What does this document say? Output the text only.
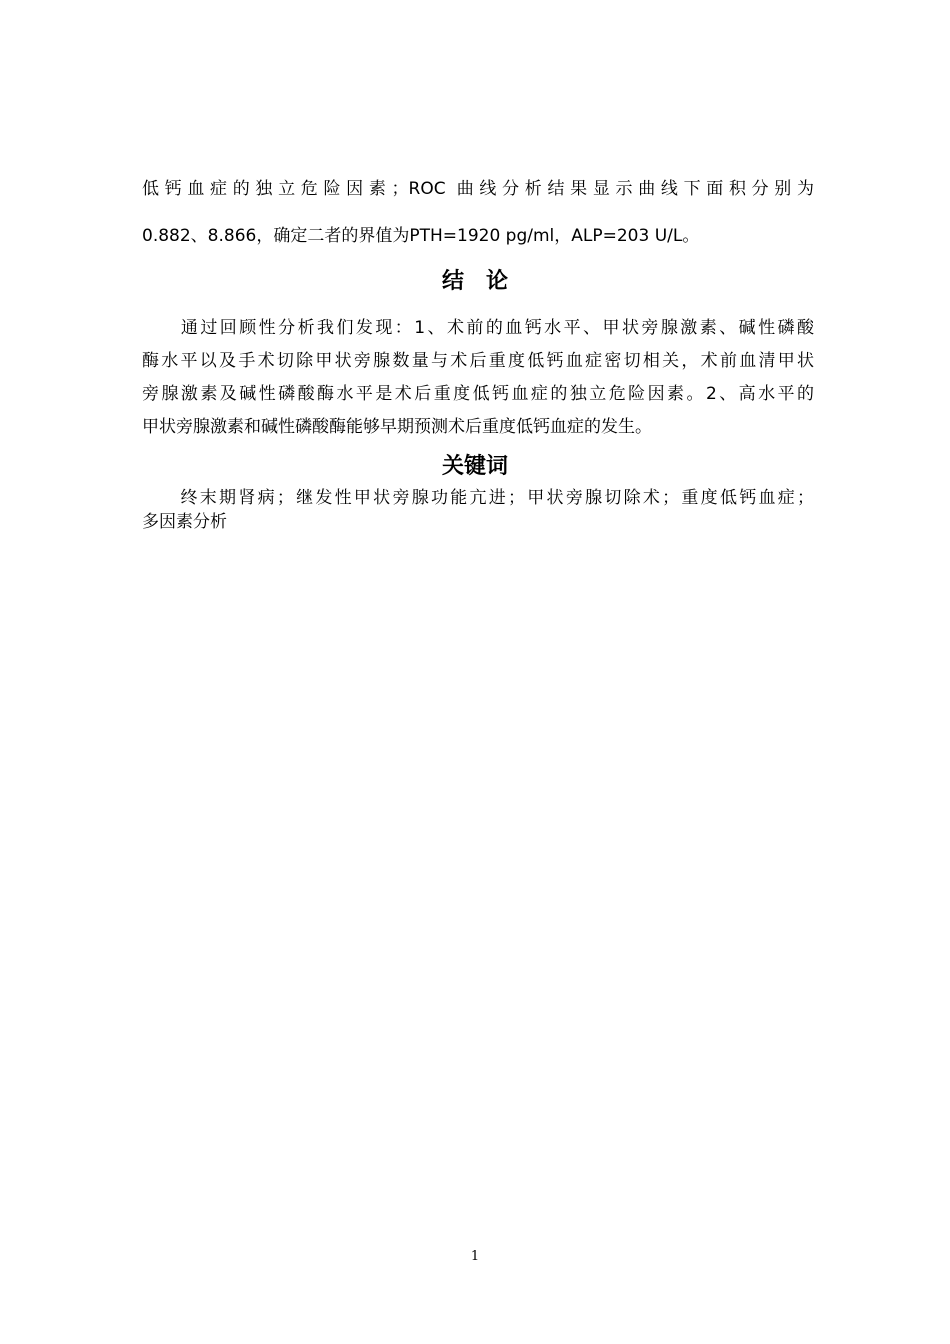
低钙血症的独立危险因素；ROC 曲线分析结果显示曲线下面积分别为
0.882、8.866，确定二者的界值为PTH=1920 pg/ml，ALP=203 U/L。
结　论
　　通过回顾性分析我们发现：1、术前的血钙水平、甲状旁腺激素、碱性磷酸
酶水平以及手术切除甲状旁腺数量与术后重度低钙血症密切相关，术前血清甲状
旁腺激素及碱性磷酸酶水平是术后重度低钙血症的独立危险因素。2、高水平的
甲状旁腺激素和碱性磷酸酶能够早期预测术后重度低钙血症的发生。
关键词
　　终末期肾病；继发性甲状旁腺功能亢进；甲状旁腺切除术；重度低钙血症；
多因素分析
1
